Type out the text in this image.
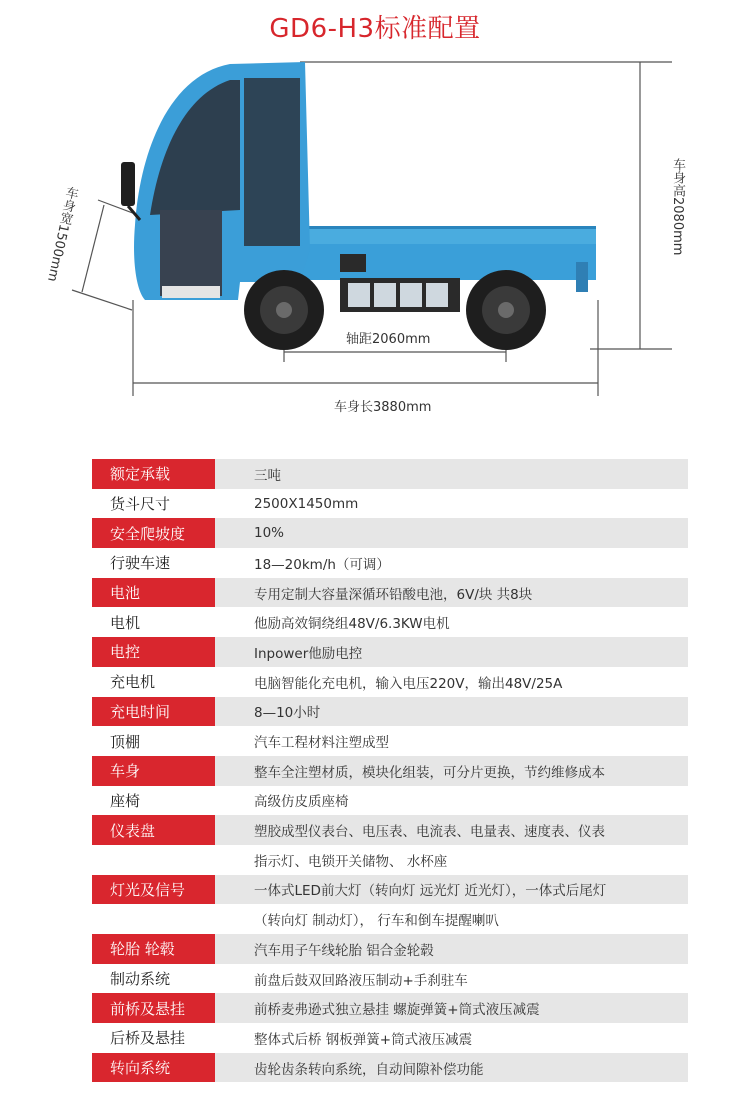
GD6-H3标准配置
车身高2080mm
轴距2060mm
车身长3880mm
车身宽1500mm
额定承载	三吨
货斗尺寸	2500X1450mm
安全爬坡度	10%
行驶车速	18—20km/h（可调）
电池	专用定制大容量深循环铅酸电池，6V/块 共8块
电机	他励高效铜绕组48V/6.3KW电机
电控	Inpower他励电控
充电机	电脑智能化充电机，输入电压220V，输出48V/25A
充电时间	8—10小时
顶棚	汽车工程材料注塑成型
车身	整车全注塑材质，模块化组装，可分片更换，节约维修成本
座椅	高级仿皮质座椅
仪表盘	塑胶成型仪表台、电压表、电流表、电量表、速度表、仪表
指示灯、电锁开关储物、 水杯座
灯光及信号	一体式LED前大灯（转向灯 远光灯 近光灯），一体式后尾灯
（转向灯 制动灯）， 行车和倒车提醒喇叭
轮胎 轮毂	汽车用子午线轮胎 铝合金轮毂
制动系统	前盘后鼓双回路液压制动+手刹驻车
前桥及悬挂	前桥麦弗逊式独立悬挂 螺旋弹簧+筒式液压减震
后桥及悬挂	整体式后桥 钢板弹簧+筒式液压减震
转向系统	齿轮齿条转向系统，自动间隙补偿功能
